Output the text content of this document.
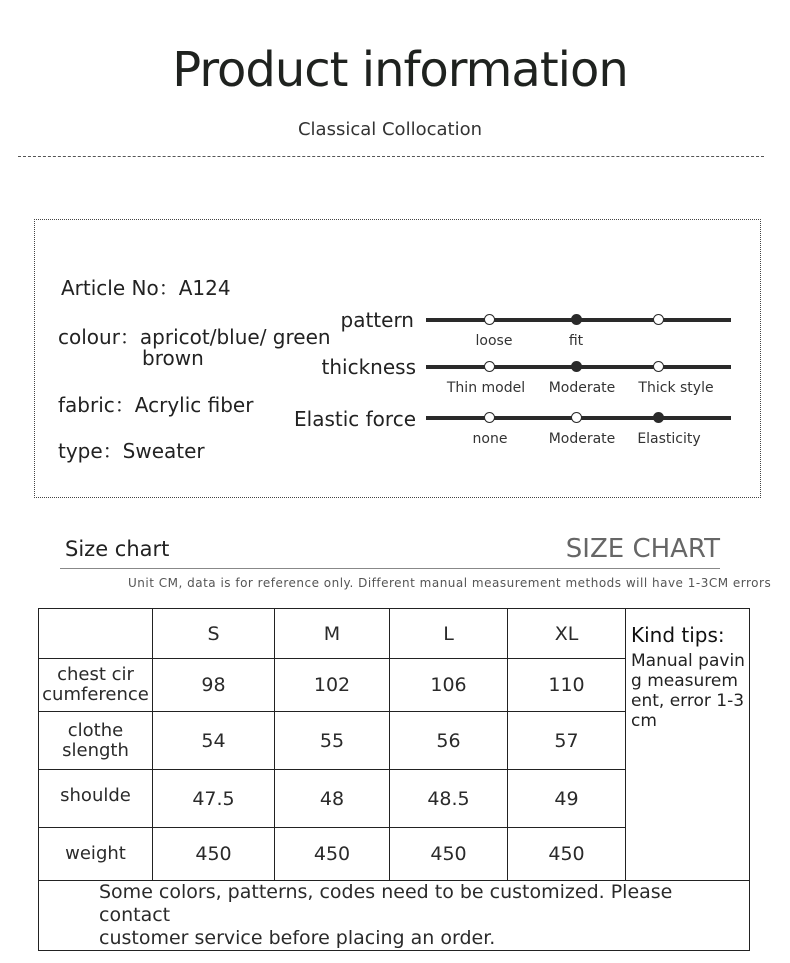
Product information
Classical Collocation
Article No：A124
colour：apricot/blue/ green
brown
fabric：Acrylic fiber
type：Sweater
pattern
loose	fit
thickness
Thin model Moderate Thick style
Elastic force
none	Moderate Elasticity
Size chart	SIZE CHART
Unit CM, data is for reference only. Different manual measurement methods will have 1-3CM errors
	S	M	L	XL	Kind tips:
Manual paving measurement, error 1-3cm

chest cir
cumference	98	102	106	110	
clothe
slength	54	55	56	57	
shoulde	47.5	48	48.5	49	
weight	450	450	450	450	
Some colors, patterns, codes need to be customized. Please contact
customer service before placing an order.					
